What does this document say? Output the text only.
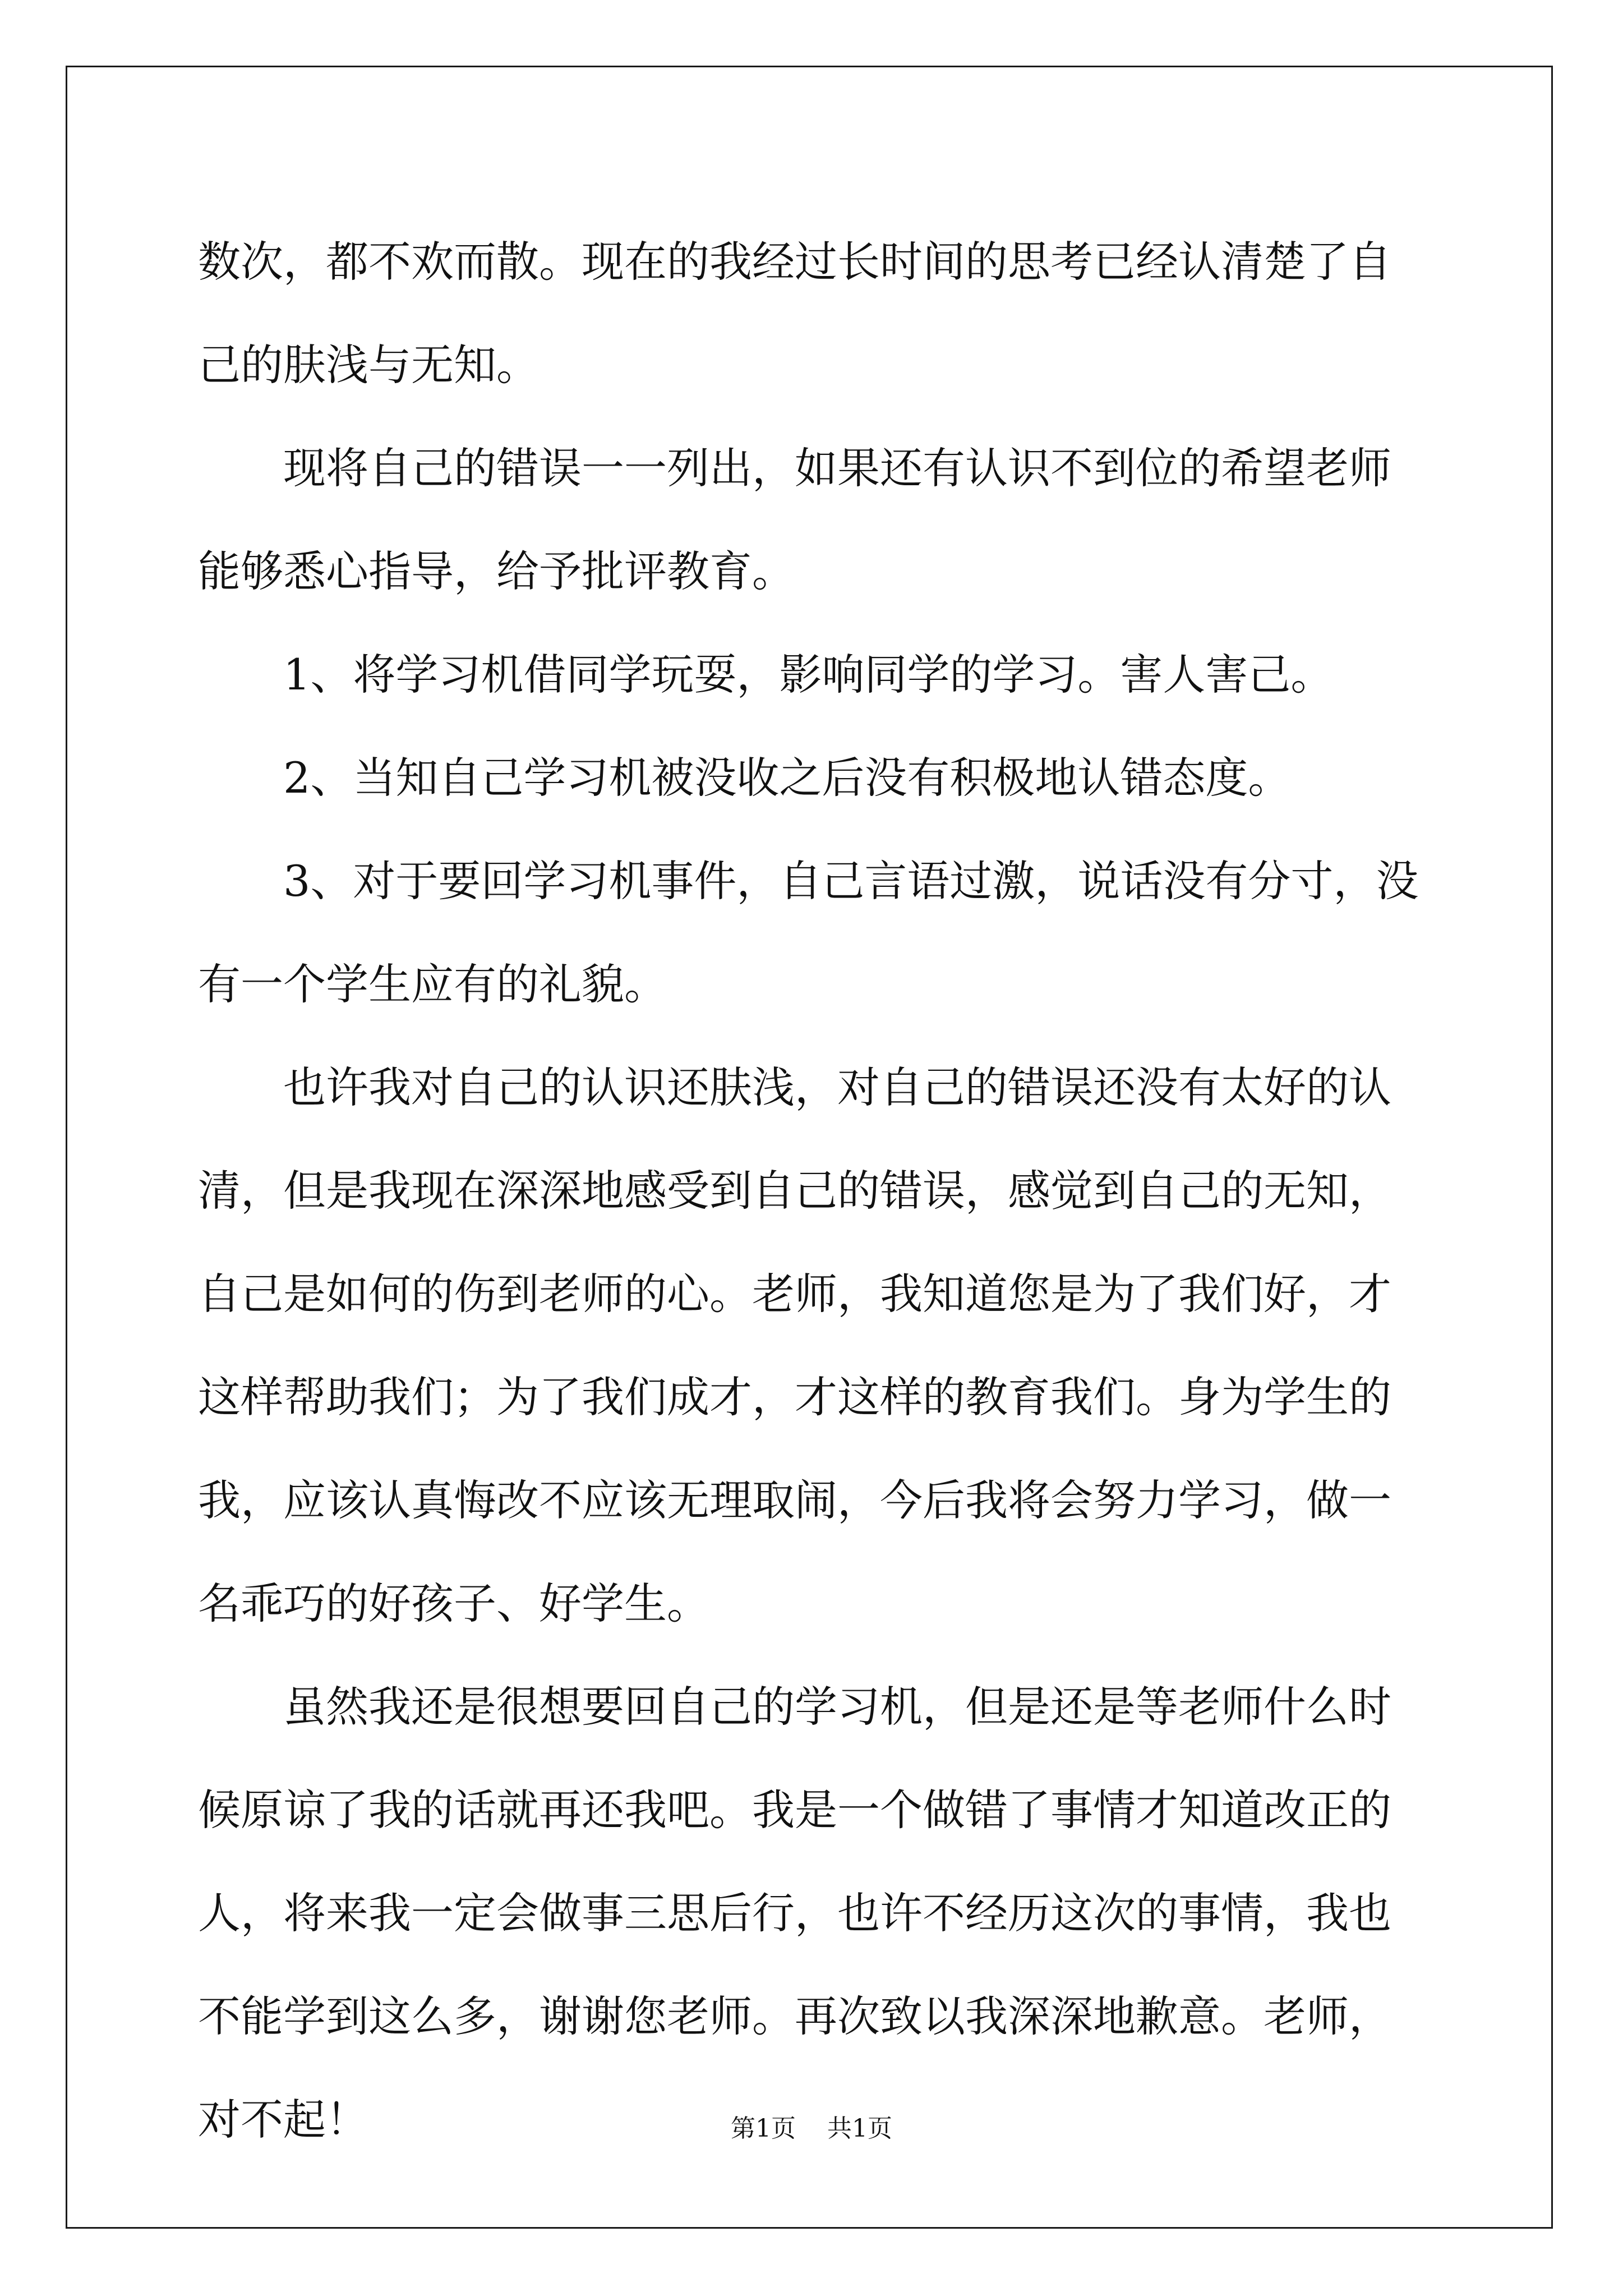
数次，都不欢而散。现在的我经过长时间的思考已经认清楚了自己的肤浅与无知。

现将自己的错误一一列出，如果还有认识不到位的希望老师能够悉心指导，给予批评教育。

1、将学习机借同学玩耍，影响同学的学习。害人害己。

2、当知自己学习机被没收之后没有积极地认错态度。

3、对于要回学习机事件，自己言语过激，说话没有分寸，没有一个学生应有的礼貌。

也许我对自己的认识还肤浅，对自己的错误还没有太好的认清，但是我现在深深地感受到自己的错误，感觉到自己的无知，自己是如何的伤到老师的心。老师，我知道您是为了我们好，才这样帮助我们；为了我们成才，才这样的教育我们。身为学生的我，应该认真悔改不应该无理取闹，今后我将会努力学习，做一名乖巧的好孩子、好学生。

虽然我还是很想要回自己的学习机，但是还是等老师什么时候原谅了我的话就再还我吧。我是一个做错了事情才知道改正的人，将来我一定会做事三思后行，也许不经历这次的事情，我也不能学到这么多，谢谢您老师。再次致以我深深地歉意。老师，对不起！	第1页 共1页
